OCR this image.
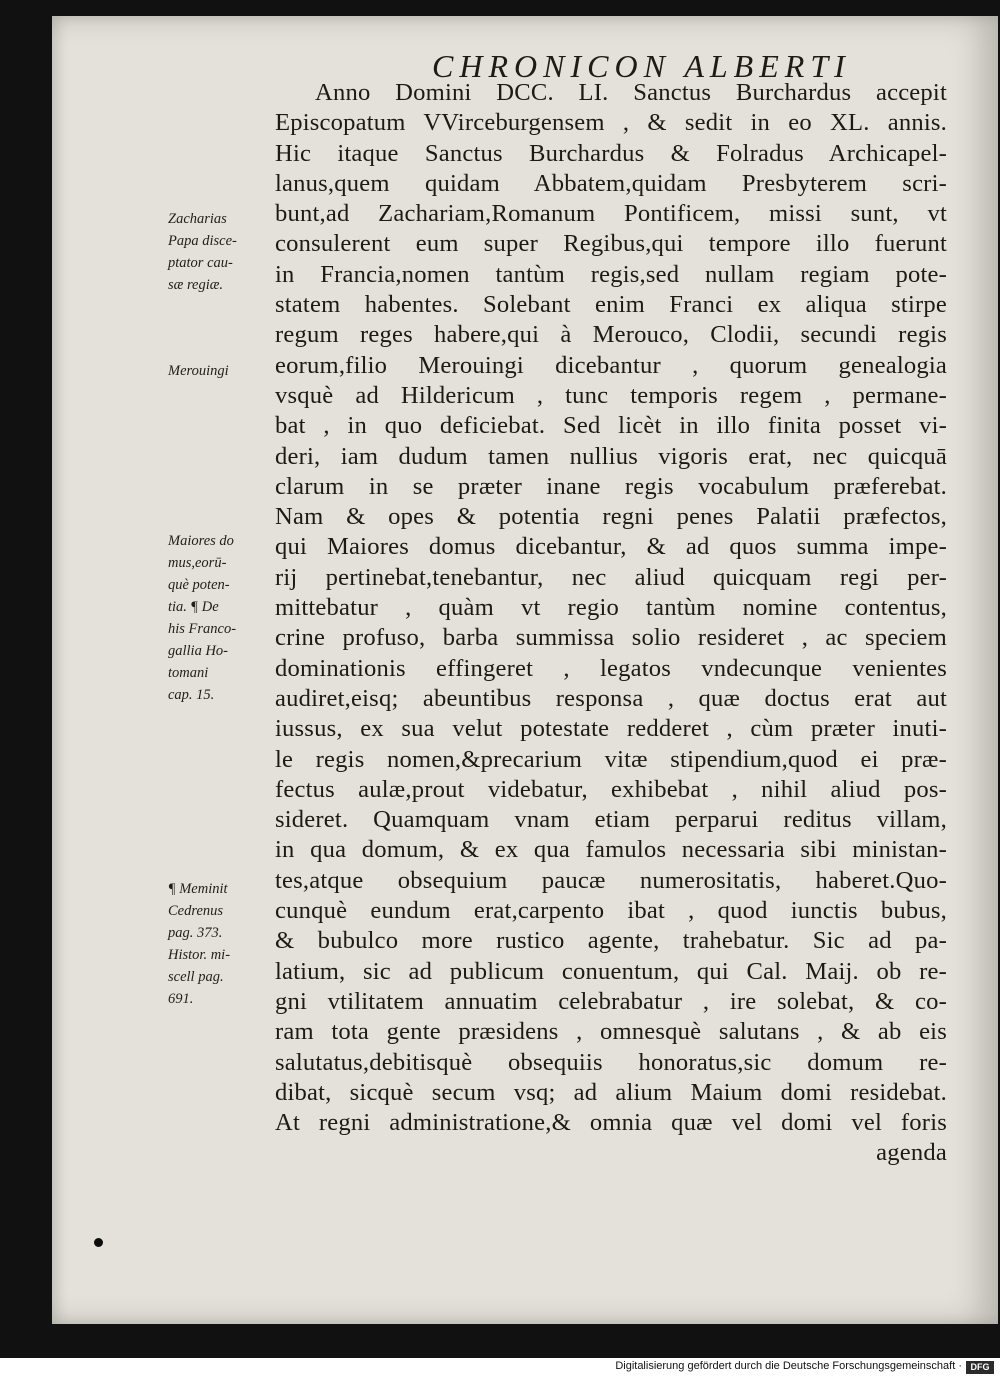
CHRONICON ALBERTI
Anno Domini DCC. LI. Sanctus Burchardus accepit
Episcopatum VVirceburgensem , & sedit in eo XL. annis.
Hic itaque Sanctus Burchardus & Folradus Archicapel-
lanus,quem quidam Abbatem,quidam Presbyterem scri-
bunt,ad Zachariam,Romanum Pontificem, missi sunt, vt
consulerent eum super Regibus,qui tempore illo fuerunt
in Francia,nomen tantùm regis,sed nullam regiam pote-
statem habentes. Solebant enim Franci ex aliqua stirpe
regum reges habere,qui à Merouco, Clodii, secundi regis
eorum,filio Merouingi dicebantur , quorum genealogia
vsquè ad Hildericum , tunc temporis regem , permane-
bat , in quo deficiebat. Sed licèt in illo finita posset vi-
deri, iam dudum tamen nullius vigoris erat, nec quicquā
clarum in se præter inane regis vocabulum præferebat.
Nam & opes & potentia regni penes Palatii præfectos,
qui Maiores domus dicebantur, & ad quos summa impe-
rij pertinebat,tenebantur, nec aliud quicquam regi per-
mittebatur , quàm vt regio tantùm nomine contentus,
crine profuso, barba summissa solio resideret , ac speciem
dominationis effingeret , legatos vndecunque venientes
audiret,eisq; abeuntibus responsa , quæ doctus erat aut
iussus, ex sua velut potestate redderet , cùm præter inuti-
le regis nomen,&precarium vitæ stipendium,quod ei præ-
fectus aulæ,prout videbatur, exhibebat , nihil aliud pos-
sideret. Quamquam vnam etiam perparui reditus villam,
in qua domum, & ex qua famulos necessaria sibi ministan-
tes,atque obsequium paucæ numerositatis, haberet.Quo-
cunquè eundum erat,carpento ibat , quod iunctis bubus,
& bubulco more rustico agente, trahebatur. Sic ad pa-
latium, sic ad publicum conuentum, qui Cal. Maij. ob re-
gni vtilitatem annuatim celebrabatur , ire solebat, & co-
ram tota gente præsidens , omnesquè salutans , & ab eis
salutatus,debitisquè obsequiis honoratus,sic domum re-
dibat, sicquè secum vsq; ad alium Maium domi residebat.
At regni administratione,& omnia quæ vel domi vel foris
agenda
Zacharias
Papa disce-
ptator cau-
sæ regiæ.
Merouingi
Maiores do
mus,eorū-
què poten-
tia. ¶ De
his Franco-
gallia Ho-
tomani
cap. 15.
¶ Meminit
Cedrenus
pag. 373.
Histor. mi-
scell pag.
691.
Digitalisierung gefördert durch die Deutsche Forschungsgemeinschaft · DFG
